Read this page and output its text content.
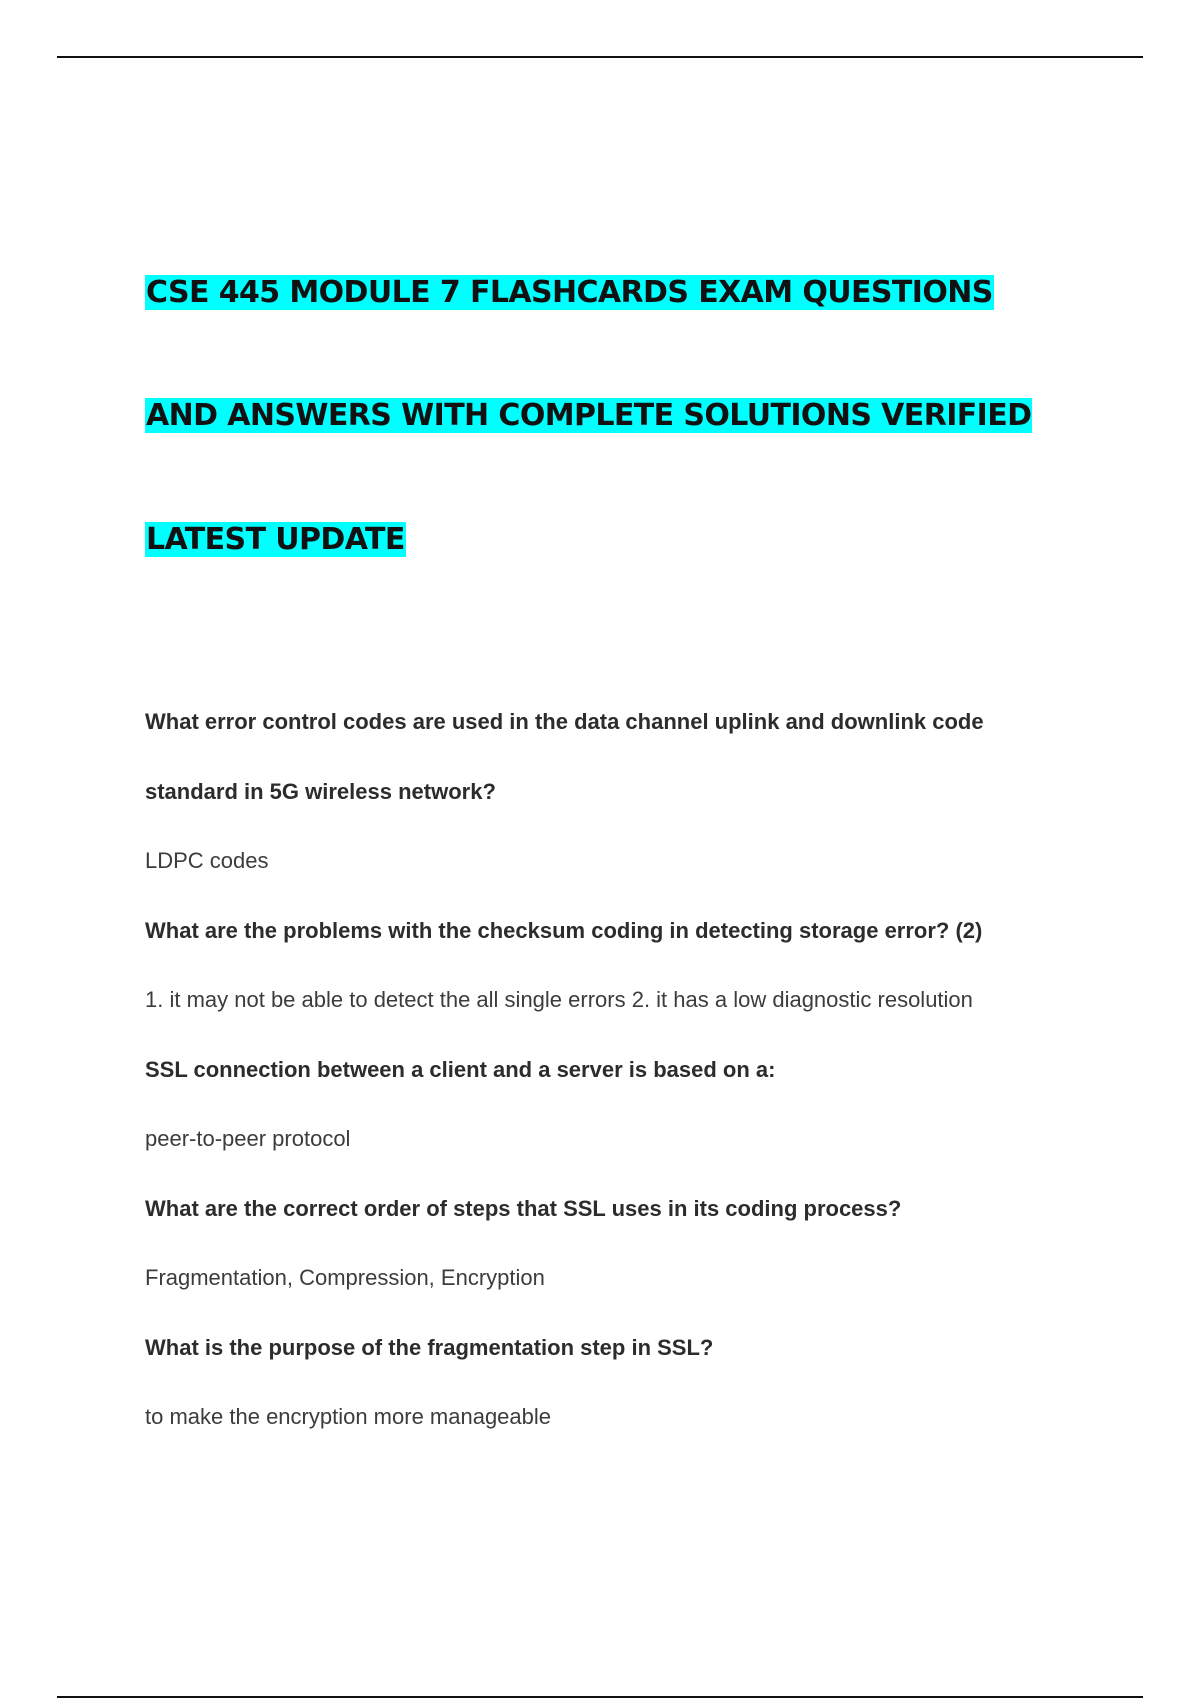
CSE 445 MODULE 7 FLASHCARDS EXAM QUESTIONS
AND ANSWERS WITH COMPLETE SOLUTIONS VERIFIED
LATEST UPDATE

What error control codes are used in the data channel uplink and downlink code

standard in 5G wireless network?

LDPC codes

What are the problems with the checksum coding in detecting storage error? (2)

1. it may not be able to detect the all single errors 2. it has a low diagnostic resolution

SSL connection between a client and a server is based on a:

peer-to-peer protocol

What are the correct order of steps that SSL uses in its coding process?

Fragmentation, Compression, Encryption

What is the purpose of the fragmentation step in SSL?

to make the encryption more manageable
